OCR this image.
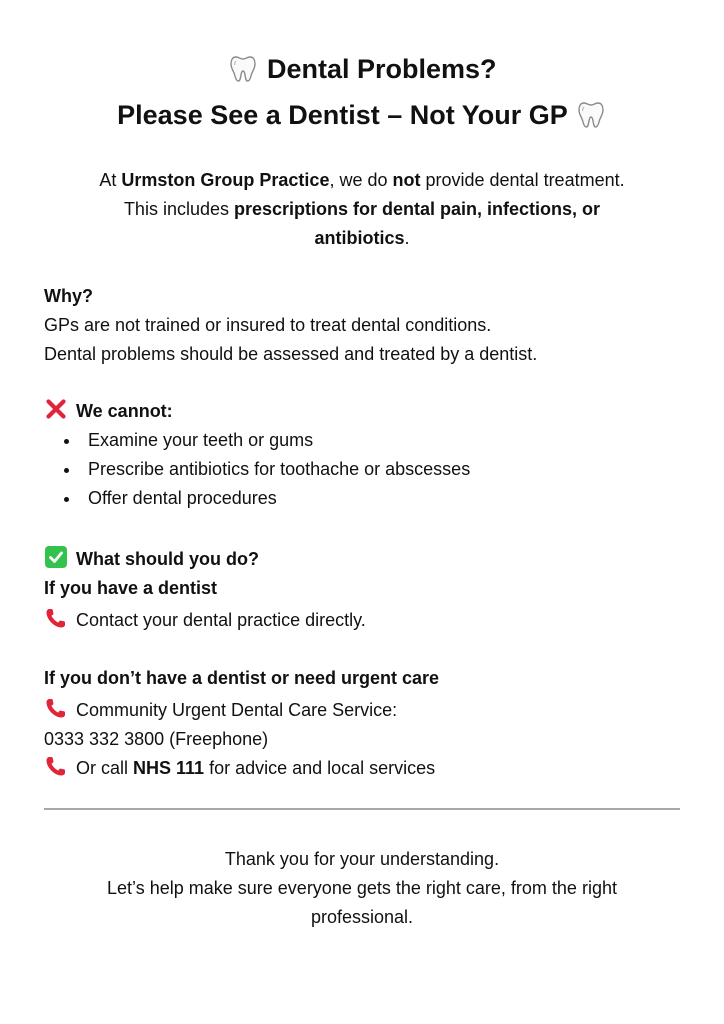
Dental Problems?
Please See a Dentist – Not Your GP
At Urmston Group Practice, we do not provide dental treatment.
This includes prescriptions for dental pain, infections, or
antibiotics.
Why?
GPs are not trained or insured to treat dental conditions.
Dental problems should be assessed and treated by a dentist.
We cannot:
Examine your teeth or gums
Prescribe antibiotics for toothache or abscesses
Offer dental procedures
What should you do?
If you have a dentist
Contact your dental practice directly.
If you don’t have a dentist or need urgent care
Community Urgent Dental Care Service:
0333 332 3800 (Freephone)
Or call NHS 111 for advice and local services
Thank you for your understanding.
Let’s help make sure everyone gets the right care, from the right
professional.
